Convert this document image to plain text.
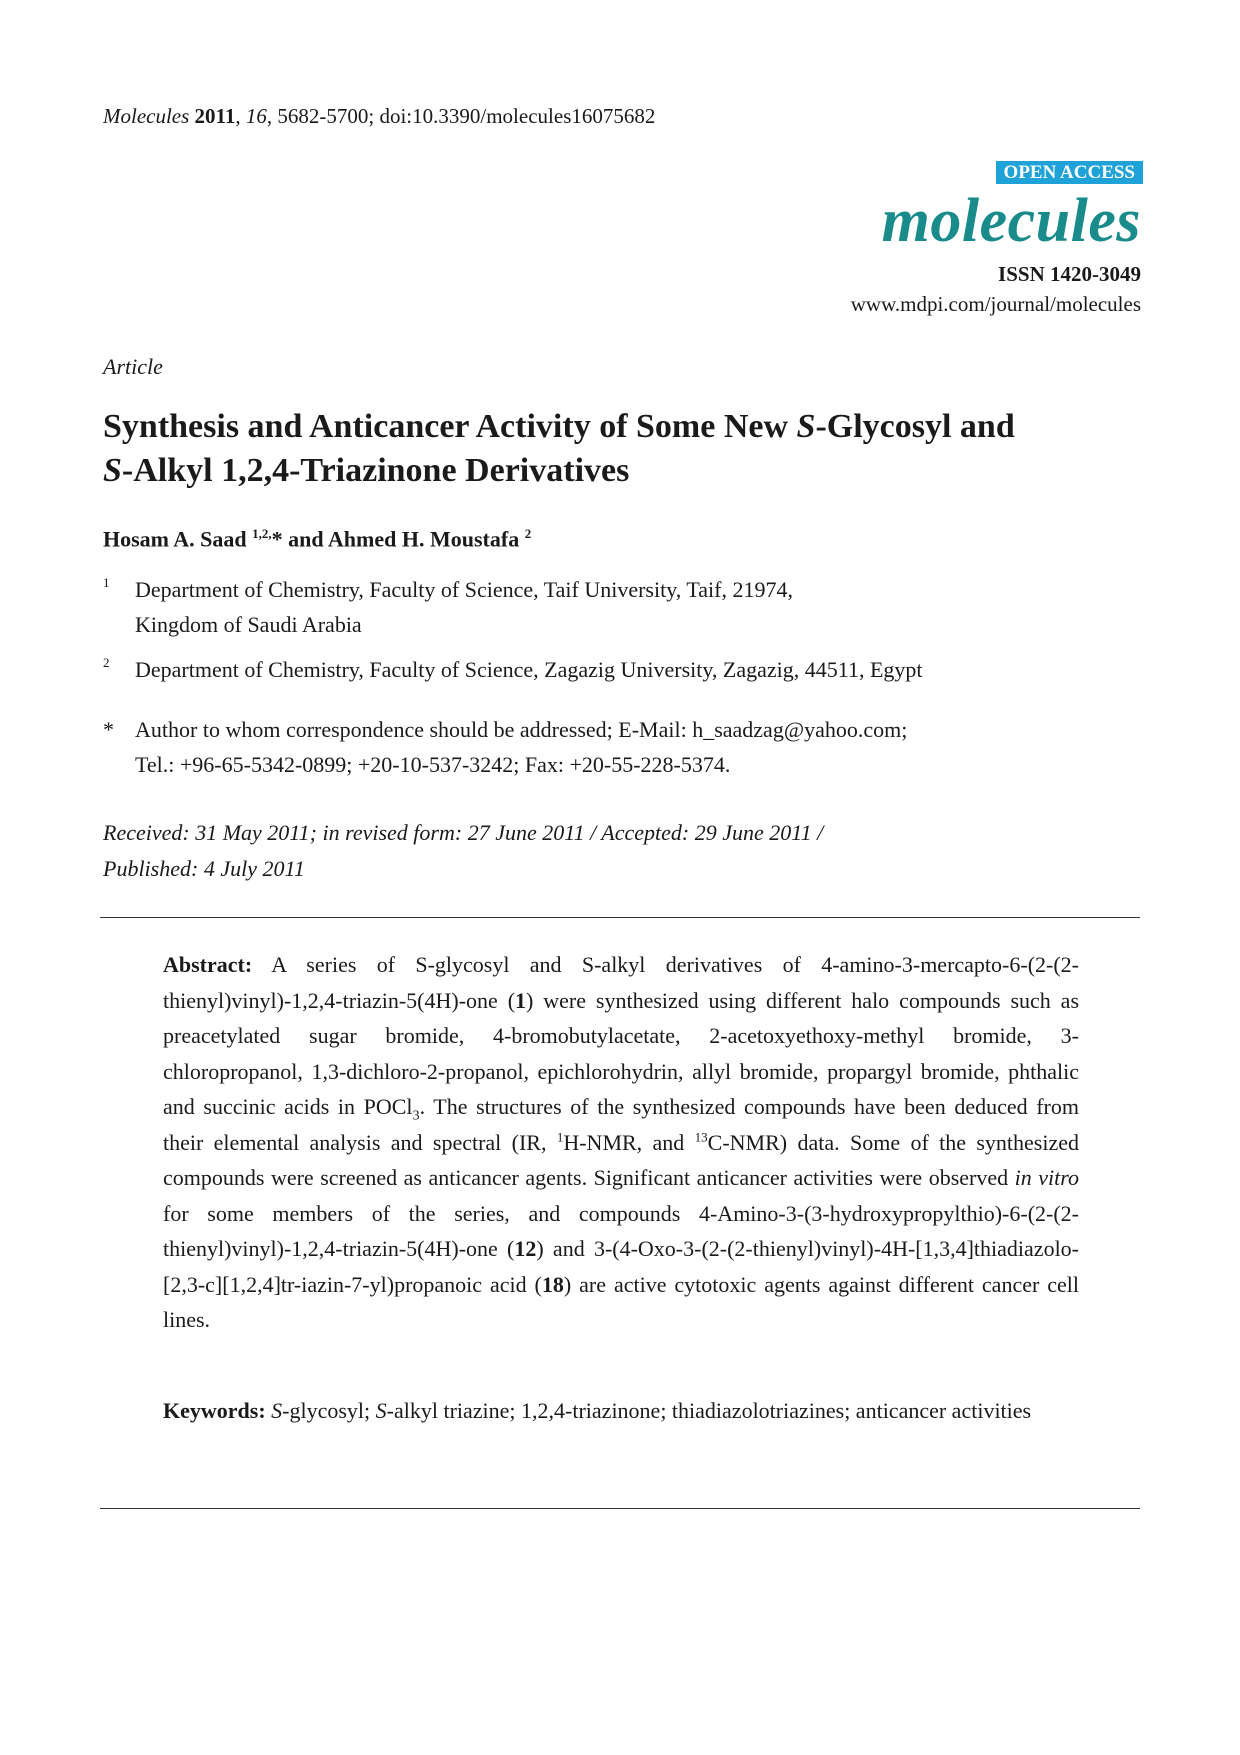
Molecules 2011, 16, 5682-5700; doi:10.3390/molecules16075682
OPEN ACCESS
molecules
ISSN 1420-3049
www.mdpi.com/journal/molecules
Article
Synthesis and Anticancer Activity of Some New S-Glycosyl and
S-Alkyl 1,2,4-Triazinone Derivatives
Hosam A. Saad $^{1,2,}$* and Ahmed H. Moustafa $^2$
1 Department of Chemistry, Faculty of Science, Taif University, Taif, 21974,
Kingdom of Saudi Arabia
2 Department of Chemistry, Faculty of Science, Zagazig University, Zagazig, 44511, Egypt
* Author to whom correspondence should be addressed; E-Mail: h_saadzag@yahoo.com;
Tel.: +96-65-5342-0899; +20-10-537-3242; Fax: +20-55-228-5374.
Received: 31 May 2011; in revised form: 27 June 2011 / Accepted: 29 June 2011 /
Published: 4 July 2011
Abstract: A series of S-glycosyl and S-alkyl derivatives of 4-amino-3-mercapto-6-(2-(2-thienyl)vinyl)-1,2,4-triazin-5(4H)-one (1) were synthesized using different halo compounds such as preacetylated sugar bromide, 4-bromobutylacetate, 2-acetoxyethoxy-methyl bromide, 3-chloropropanol, 1,3-dichloro-2-propanol, epichlorohydrin, allyl bromide, propargyl bromide, phthalic and succinic acids in POCl$_3$. The structures of the synthesized compounds have been deduced from their elemental analysis and spectral (IR, $^1$H-NMR, and $^{13}$C-NMR) data. Some of the synthesized compounds were screened as anticancer agents. Significant anticancer activities were observed in vitro for some members of the series, and compounds 4-Amino-3-(3-hydroxypropylthio)-6-(2-(2-thienyl)vinyl)-1,2,4-triazin-5(4H)-one (12) and 3-(4-Oxo-3-(2-(2-thienyl)vinyl)-4H-[1,3,4]thiadiazolo-[2,3-c][1,2,4]tr-iazin-7-yl)propanoic acid (18) are active cytotoxic agents against different cancer cell lines.
Keywords: S-glycosyl; S-alkyl triazine; 1,2,4-triazinone; thiadiazolotriazines; anticancer activities
